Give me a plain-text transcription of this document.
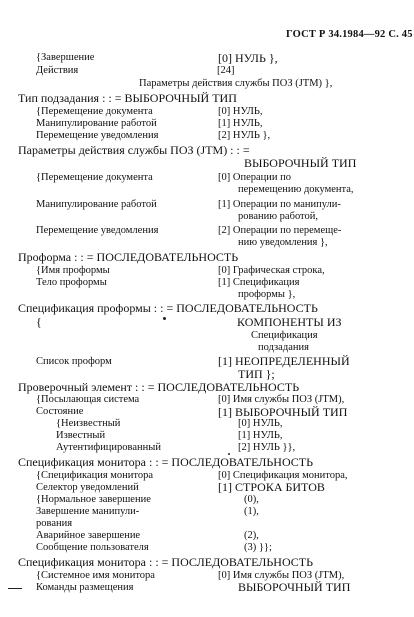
ГОСТ Р 34.1984—92 С. 45
{Завершение	[0] НУЛЬ },
Действия	[24]
Параметры действия службы ПОЗ (JTM) },
Тип подзадания : : = ВЫБОРОЧНЫЙ ТИП
{Перемещение документа	[0] НУЛЬ,
Манипулирование работой	[1] НУЛЬ,
Перемещение уведомления	[2] НУЛЬ },
Параметры действия службы ПОЗ (JTM) : : =
ВЫБОРОЧНЫЙ ТИП
{Перемещение документа	[0] Операции по
перемещению документа,
Манипулирование работой	[1] Операции по манипули-
рованию работой,
Перемещение уведомления	[2] Операции по перемеще-
нию уведомления },
Проформа : : = ПОСЛЕДОВАТЕЛЬНОСТЬ
{Имя проформы	[0] Графическая строка,
Тело проформы	[1] Спецификация
проформы },
Спецификация проформы : : = ПОСЛЕДОВАТЕЛЬНОСТЬ
{	КОМПОНЕНТЫ ИЗ
Спецификация
подзадания
Список проформ	[1] НЕОПРЕДЕЛЕННЫЙ
ТИП };
Проверочный элемент : : = ПОСЛЕДОВАТЕЛЬНОСТЬ
{Посылающая система	[0] Имя службы ПОЗ (JTM),
Состояние	[1] ВЫБОРОЧНЫЙ ТИП
{Неизвестный	[0] НУЛЬ,
Известный	[1] НУЛЬ,
Аутентифицированный	[2] НУЛЬ }},
Спецификация монитора : : = ПОСЛЕДОВАТЕЛЬНОСТЬ
{Спецификация монитора	[0] Спецификация монитора,
Селектор уведомлений	[1] СТРОКА БИТОВ
{Нормальное завершение	(0),
Завершение манипули-	(1),
рования
Аварийное завершение	(2),
Сообщение пользователя	(3) }};
Спецификация монитора : : = ПОСЛЕДОВАТЕЛЬНОСТЬ
{Системное имя монитора	[0] Имя службы ПОЗ (JTM),
Команды размещения	ВЫБОРОЧНЫЙ ТИП
